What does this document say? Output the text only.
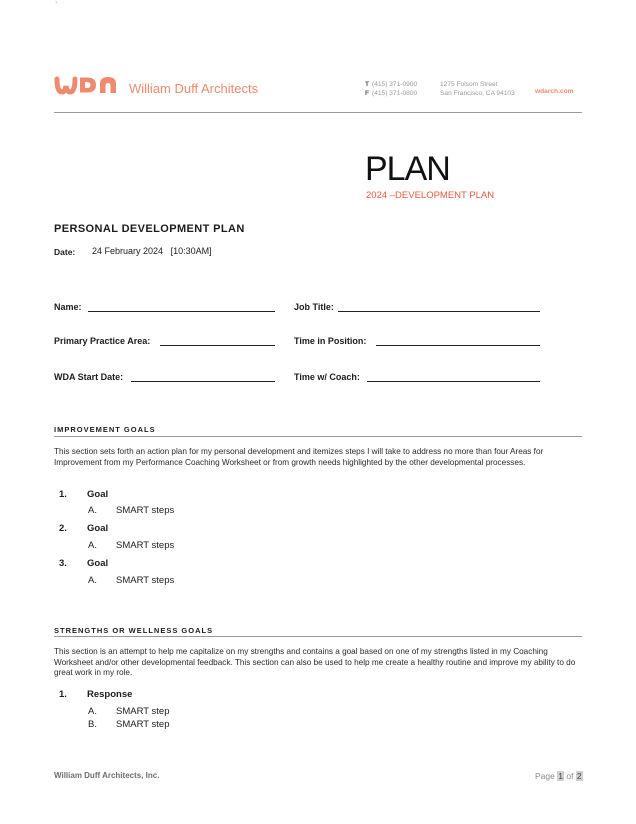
`
William Duff Architects	T (415) 371-0900
F (415) 371-0800
1275 Folsom Street
San Francisco, CA 94103	wdarch.com
PLAN
2024 –DEVELOPMENT PLAN
PERSONAL DEVELOPMENT PLAN
Date: 24 February 2024 [10:30AM]
Name:	Job Title:
Primary Practice Area:	Time in Position:
WDA Start Date:	Time w/ Coach:
IMPROVEMENT GOALS
This section sets forth an action plan for my personal development and itemizes steps I will take to address no more than four Areas for Improvement from my Performance Coaching Worksheet or from growth needs highlighted by the other developmental processes.
1. Goal
A. SMART steps
2. Goal
A. SMART steps
3. Goal
A. SMART steps
STRENGTHS OR WELLNESS GOALS
This section is an attempt to help me capitalize on my strengths and contains a goal based on one of my strengths listed in my Coaching Worksheet and/or other developmental feedback. This section can also be used to help me create a healthy routine and improve my ability to do great work in my role.
1. Response
A. SMART step
B. SMART step
William Duff Architects, Inc.	Page 1 of 2
